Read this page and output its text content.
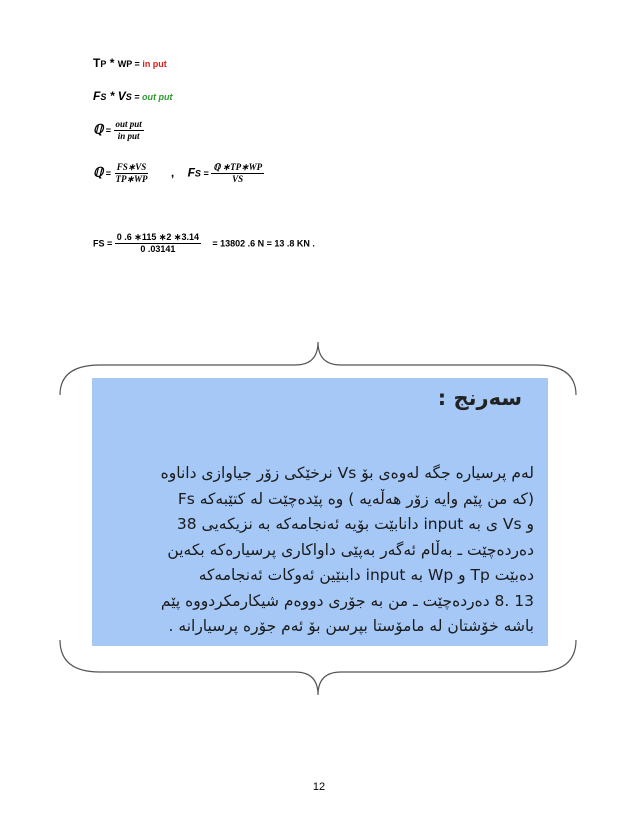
TP * WP = in put
FS * VS = out put
ℚ = $\frac{\text{out put}}{\text{in put}}$
ℚ = $\frac{FS∗VS}{TP∗WP}$ , FS = $\frac{\text{ℚ ∗TP∗WP}}{VS}$
FS = $\frac{0 .6 ∗115 ∗2 ∗3.14}{0 .03141} = 13802$ .6 N = 13 .8 KN .
سەرنج :
لەم پرسیارە جگە لەوەی بۆ Vs نرخێکی زۆر جیاوازی داناوە
(کە من پێم وایە زۆر هەڵەیە ) وە پێدەچێت لە کتێبەکە Fs
و Vs ی بە input دانابێت بۆیە ئەنجامەکە بە نزیکەیی 38
دەردەچێت ـ بەڵام ئەگەر بەپێی داواکاری پرسیارەکە بکەین
دەبێت Tp و Wp بە input دابنێین ئەوکات ئەنجامەکە
13 .8 دەردەچێت ـ من بە جۆری دووەم شیکارمکردووە پێم
باشە خۆشتان لە مامۆستا بپرسن بۆ ئەم جۆرە پرسیارانە .
12
